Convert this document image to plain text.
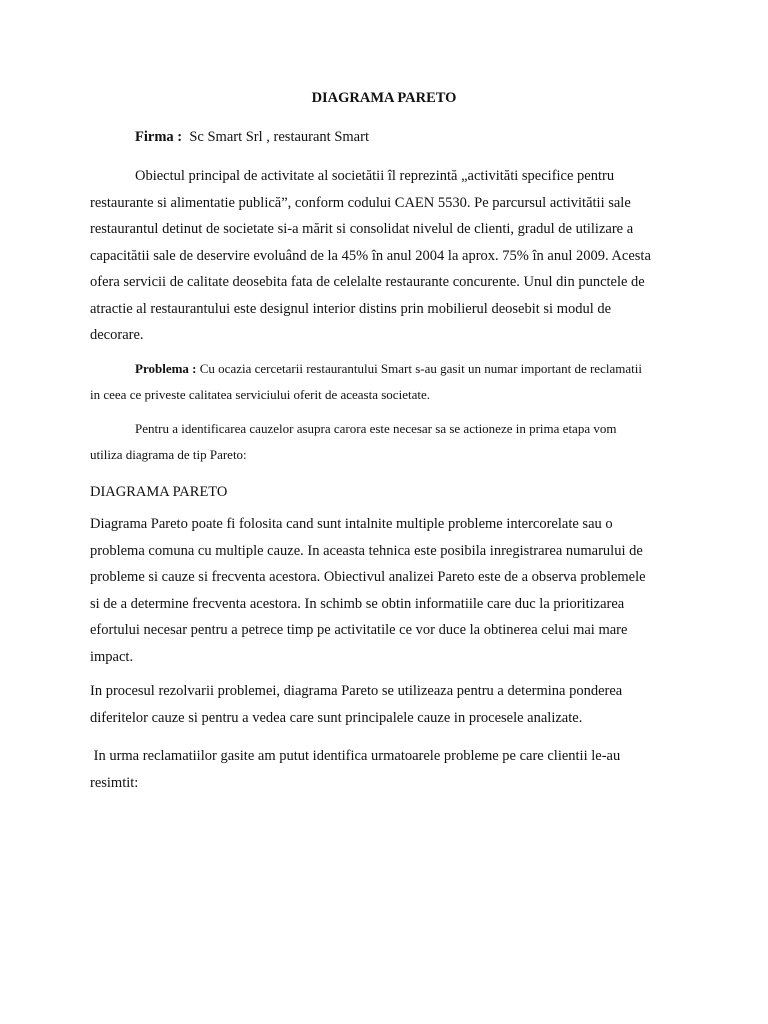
DIAGRAMA PARETO

Firma : Sc Smart Srl , restaurant Smart

Obiectul principal de activitate al societătii îl reprezintă „activităti specifice pentru
restaurante si alimentatie publică”, conform codului CAEN 5530. Pe parcursul activitătii sale
restaurantul detinut de societate si-a mărit si consolidat nivelul de clienti, gradul de utilizare a
capacitătii sale de deservire evoluând de la 45% în anul 2004 la aprox. 75% în anul 2009. Acesta
ofera servicii de calitate deosebita fata de celelalte restaurante concurente. Unul din punctele de
atractie al restaurantului este designul interior distins prin mobilierul deosebit si modul de
decorare.
Problema : Cu ocazia cercetarii restaurantului Smart s-au gasit un numar important de reclamatii
in ceea ce priveste calitatea serviciului oferit de aceasta societate.
Pentru a identificarea cauzelor asupra carora este necesar sa se actioneze in prima etapa vom
utiliza diagrama de tip Pareto:
DIAGRAMA PARETO
Diagrama Pareto poate fi folosita cand sunt intalnite multiple probleme intercorelate sau o
problema comuna cu multiple cauze. In aceasta tehnica este posibila inregistrarea numarului de
probleme si cauze si frecventa acestora. Obiectivul analizei Pareto este de a observa problemele
si de a determine frecventa acestora. In schimb se obtin informatiile care duc la prioritizarea
efortului necesar pentru a petrece timp pe activitatile ce vor duce la obtinerea celui mai mare
impact.
In procesul rezolvarii problemei, diagrama Pareto se utilizeaza pentru a determina ponderea
diferitelor cauze si pentru a vedea care sunt principalele cauze in procesele analizate.
In urma reclamatiilor gasite am putut identifica urmatoarele probleme pe care clientii le-au
resimtit:
